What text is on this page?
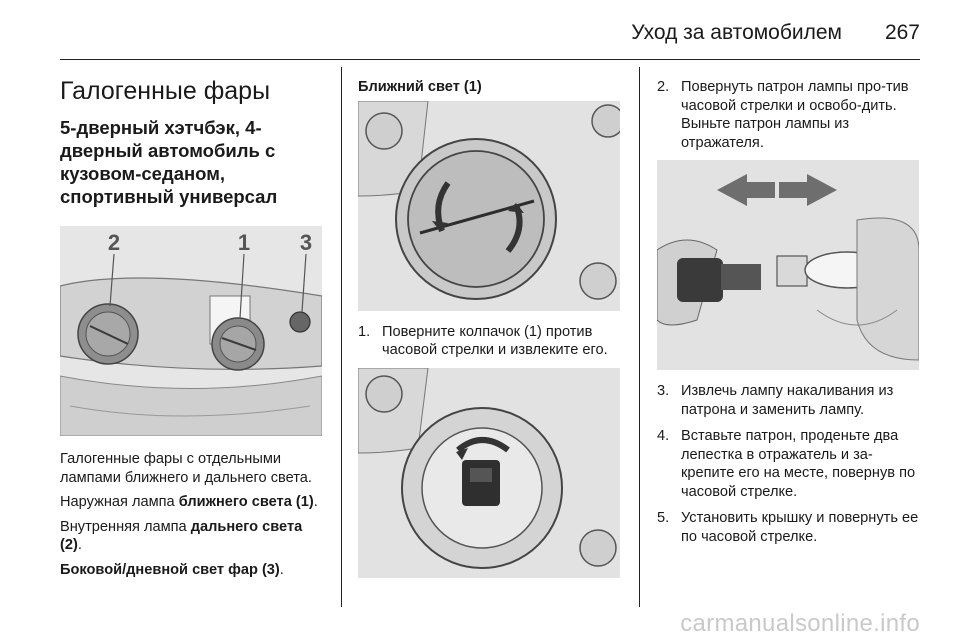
Уход за автомобилем 267
Галогенные фары
5-дверный хэтчбэк, 4-дверный автомобиль с кузовом-седаном, спортивный универсал
2	1 3

Галогенные фары с отдельными лампами ближнего и дальнего света.

Наружная лампа ближнего света (1).

Внутренняя лампа дальнего света (2).

Боковой/дневной свет фар (3).

Ближний свет (1)
1. Поверните колпачок (1) против часовой стрелки и извлеките его.
2. Повернуть патрон лампы про-тив часовой стрелки и освобо-дить. Выньте патрон лампы из отражателя.
3. Извлечь лампу накаливания из патрона и заменить лампу.
4. Вставьте патрон, проденьте два лепестка в отражатель и за-крепите его на месте, повернув по часовой стрелке.
5. Установить крышку и повернуть ее по часовой стрелке.
carmanualsonline.info
